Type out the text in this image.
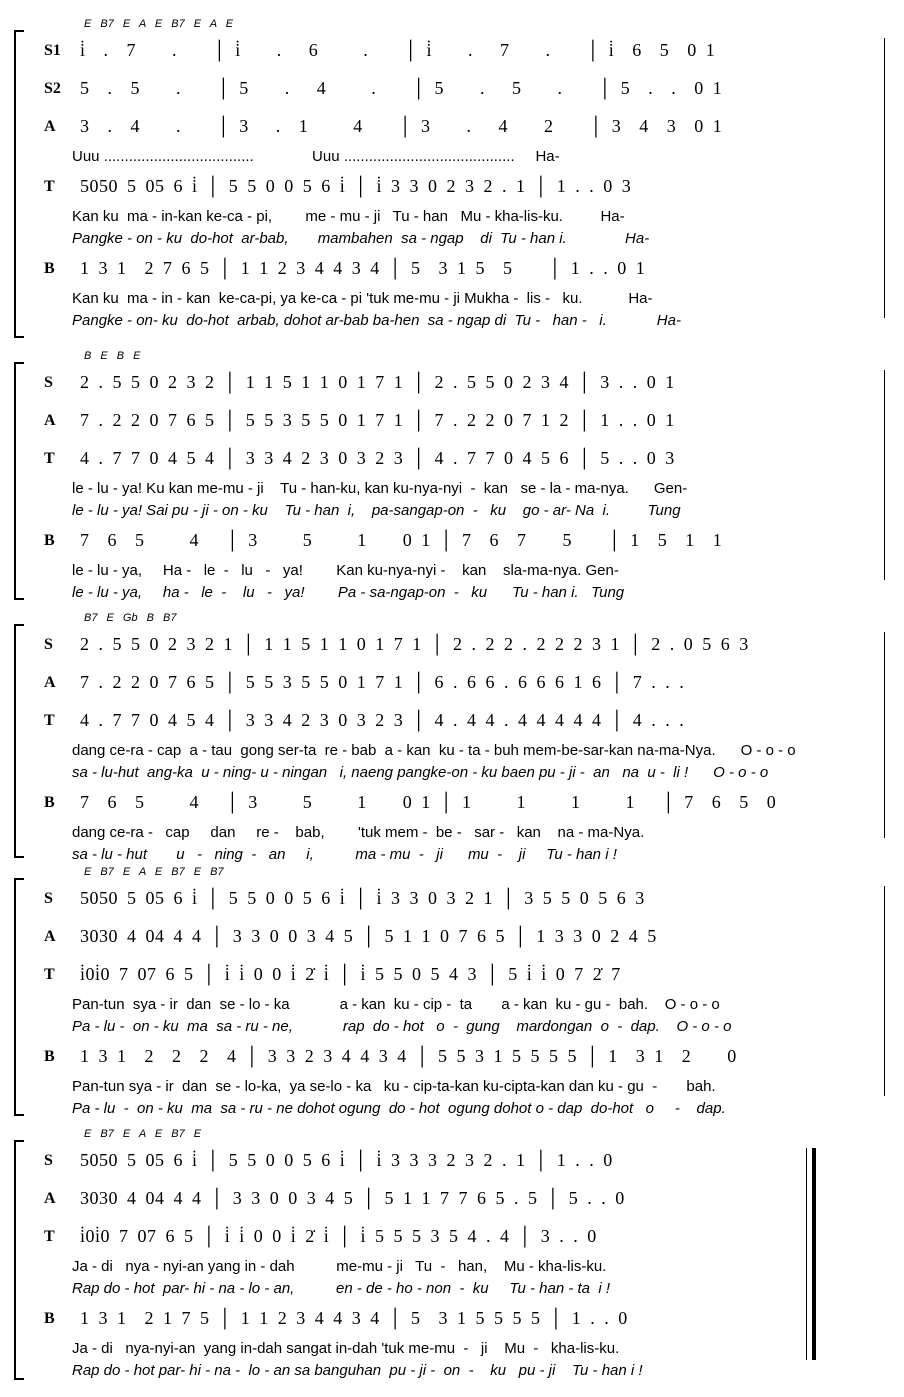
E B7 E A E B7 E A E
S1 i̇  .  7    .    │ i̇    .   6     .    │ i̇    .   7    .    │ i̇  6  5  0 1
S2 5  .  5    .    │ 5    .   4     .    │ 5    .   5    .    │ 5  .  .  0 1
A 3  .  4    .    │ 3   .  1     4    │ 3    .   4    2    │ 3  4  3  0 1
Uuu ....................................              Uuu .........................................     Ha-
T 5050 5 05 6 i̇ │ 5 5 0 0 5 6 i̇ │ i̇ 3 3 0 2 3 2 . 1 │ 1 . . 0 3
Kan ku  ma - in-kan ke-ca - pi,        me - mu - ji   Tu - han   Mu - kha-lis-ku.         Ha-
Pangke - on - ku  do-hot  ar-bab,       mambahen  sa - ngap    di  Tu - han i.              Ha-
B 1 3 1  2 7 6 5 │ 1 1 2 3 4 4 3 4 │ 5  3 1 5  5    │ 1 . . 0 1
Kan ku  ma - in - kan  ke-ca-pi, ya ke-ca - pi 'tuk me-mu - ji Mukha -  lis -   ku.           Ha-
Pangke - on- ku  do-hot  arbab, dohot ar-bab ba-hen  sa - ngap di  Tu -   han -   i.            Ha-
B E B E
S 2 . 5 5 0 2 3 2 │ 1 1 5 1 1 0 1 7 1 │ 2 . 5 5 0 2 3 4 │ 3 . . 0 1
A 7 . 2 2 0 7 6 5 │ 5 5 3 5 5 0 1 7 1 │ 7 . 2 2 0 7 1 2 │ 1 . . 0 1
T 4 . 7 7 0 4 5 4 │ 3 3 4 2 3 0 3 2 3 │ 4 . 7 7 0 4 5 6 │ 5 . . 0 3
le - lu - ya! Ku kan me-mu - ji    Tu - han-ku, kan ku-nya-nyi  -  kan   se - la - ma-nya.      Gen-
le - lu - ya! Sai pu - ji - on - ku    Tu - han  i,    pa-sangap-on  -   ku    go - ar- Na  i.         Tung
B 7  6  5     4   │ 3     5     1    0 1 │ 7  6  7    5    │ 1  5  1  1
le - lu - ya,     Ha -   le  -   lu   -   ya!        Kan ku-nya-nyi -    kan    sla-ma-nya. Gen-
le - lu - ya,     ha -   le  -    lu   -   ya!        Pa - sa-ngap-on  -   ku      Tu - han i.   Tung
B7 E Gb B B7
S 2 . 5 5 0 2 3 2 1 │ 1 1 5 1 1 0 1 7 1 │ 2 . 2 2 . 2 2 2 3 1 │ 2 . 0 5 6 3
A 7 . 2 2 0 7 6 5 │ 5 5 3 5 5 0 1 7 1 │ 6 . 6 6 . 6 6 6 1 6 │ 7 . . .
T 4 . 7 7 0 4 5 4 │ 3 3 4 2 3 0 3 2 3 │ 4 . 4 4 . 4 4 4 4 4 │ 4 . . .
dang ce-ra - cap  a - tau  gong ser-ta  re - bab  a - kan  ku - ta - buh mem-be-sar-kan na-ma-Nya.      O - o - o
sa - lu-hut  ang-ka  u - ning- u - ningan   i, naeng pangke-on - ku baen pu - ji -  an   na  u -  li !      O - o - o
B 7  6  5     4   │ 3     5     1    0 1 │ 1     1     1     1   │ 7  6  5  0
dang ce-ra -   cap     dan     re -    bab,        'tuk mem -  be -   sar -   kan    na - ma-Nya.
sa - lu - hut       u   -   ning  -   an     i,          ma - mu  -   ji      mu  -    ji     Tu - han i !
E B7 E A E B7 E B7
S 5050 5 05 6 i̇ │ 5 5 0 0 5 6 i̇ │ i̇ 3 3 0 3 2 1 │ 3 5 5 0 5 6 3
A 3030 4 04 4 4 │ 3 3 0 0 3 4 5 │ 5 1 1 0 7 6 5 │ 1 3 3 0 2 4 5
T i̇0i̇0 7 07 6 5 │ i̇ i̇ 0 0 i̇ 2̇ i̇ │ i̇ 5 5 0 5 4 3 │ 5 i̇ i̇ 0 7 2̇ 7
Pan-tun  sya - ir  dan  se - lo - ka            a - kan  ku - cip -  ta       a - kan  ku - gu -  bah.    O - o - o
Pa - lu -  on - ku  ma  sa - ru - ne,            rap  do - hot   o  -  gung    mardongan  o  -  dap.    O - o - o
B 1 3 1  2  2  2  4 │ 3 3 2 3 4 4 3 4 │ 5 5 3 1 5 5 5 5 │ 1  3 1  2    0
Pan-tun sya - ir  dan  se - lo-ka,  ya se-lo - ka   ku - cip-ta-kan ku-cipta-kan dan ku - gu  -       bah.
Pa - lu  -  on - ku  ma  sa - ru - ne dohot ogung  do - hot  ogung dohot o - dap  do-hot   o     -    dap.
E B7 E A E B7 E
S 5050 5 05 6 i̇ │ 5 5 0 0 5 6 i̇ │ i̇ 3 3 3 2 3 2 . 1 │ 1 . . 0
A 3030 4 04 4 4 │ 3 3 0 0 3 4 5 │ 5 1 1 7 7 6 5 . 5 │ 5 . . 0
T i̇0i̇0 7 07 6 5 │ i̇ i̇ 0 0 i̇ 2̇ i̇ │ i̇ 5 5 5 3 5 4 . 4 │ 3 . . 0
Ja - di   nya - nyi-an yang in - dah          me-mu - ji   Tu  -   han,    Mu - kha-lis-ku.
Rap do - hot  par- hi - na - lo - an,          en - de - ho - non  -  ku     Tu - han - ta  i !
B 1 3 1  2 1 7 5 │ 1 1 2 3 4 4 3 4 │ 5  3 1 5 5 5 5 │ 1 . . 0
Ja - di   nya-nyi-an  yang in-dah sangat in-dah 'tuk me-mu  -   ji    Mu  -   kha-lis-ku.
Rap do - hot par- hi - na -  lo - an sa banguhan  pu - ji -  on  -    ku   pu - ji    Tu - han i !
